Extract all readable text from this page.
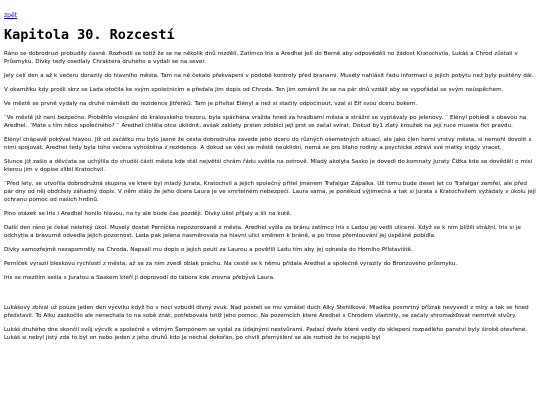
zpět
Kapitola 30. Rozcestí

Ráno se dobrodruzi probudily časně. Rozhodli se totiž že se ne několik dnů rozdělí. Zatímco Iris a Aredhel jeli do Berně aby odpověděli no žádost Kratochvila, Lukáš a Chrod zůstali v Průsmyku. Dívky tedy osedlaly Chraktera druhého a vydali se na sever.

Jely celí den a až k večeru dorazily do hlavního města. Tam na ně čekalo překvapení v podobě kontroly před branami. Musely nahlásit řadu informací o jejích pobytu než byly puštěny dál.

V okamžiku kdy prošli skrz se Lada otočila ke svým společnicím a předala jim dopis od Chroda. Ten jim oznámil že se na pár dnů vzdálí aby se vypořádal se svým neúspěchem.

Ve městě se prvně vydaly na druhé náměstí do rezidence Jitřenků. Tam je přivítal Elényl a než si stačily odpočinout, vzal si Elf svou dceru bokem.

¨Ve městě již není bezpečno. Proběhlo vloupání do královského trezoru, byla spáchána vražda hned za hradbami města a strážní se vyptávaly po jelenovy. ¨ Elényl pohlédl s obavou na Aredhel. ¨Máte s tím něco společného? ¨ Aredhel chtěla otce uklidnit, avšak zaklety prsten zdobící její prst se začal svírat. Dokud by1 zlatý kroužek na její ruce musela říct pravdu.

Elényl chápavě pokýval hlavou. Již od začátku mu bylo jasné že cesta dobrodruha zavede jeho dceru do různých ošemetných situací, ale jako člen horní vrstvy města, si nemohl dovolit s nimi spojovat. Aredhel tedy byla toho večera vyhoštěna z rezidence. A dokud se věci ve městě neuklidní, nemá se pro blaho rodiny a psychické zdraví své matky ingdy vracet.

Slunce již zašlo a děvčata se uchýlila do chudší části města kde stál největší chrám řádu světla na ostrově. Mladý akolyta Sasko je dovedl do komnaty Juraty Čížka kde se dověděli o misi kterou jim v dopise slibil Kratochvil.

¨Před lety, se utvořila dobrodružná skupina ve které byl mladý Jurata, Kratochvil a jejich společný přítel jménem Trafalgar Zápalka. Už tomu bude deset let co Trafalgar zemřel, ale před pár dny od něj obdržely záhadný dopis. V něm stálo že jeho dcera Laura je ve smrtelném nebezpečí. Laura sama, je poněkud výjimečná a tak si Jurata s Kratochvílem vyžádaly v úkolu její ochranu pomoc od našich hrdinů.

Pino otázek se Iris i Aredhel honilo hlavou, na ty ale bude čas později. Dívky úkol přijaly a šli na kutě.

Další den ráno je čekal nelehký úkol. Musely dostat Perníčka nepozorovaně z města. Aredhel vyšla za bránu zatímco Iris s Ladou jej vedli ulicemi. Když se k ním blížili strážní, Iris si je odchytla a bravurně odvedla jejich pozornost. Lada pak jelena nasměrovala na hlavní ulici směrem k bráně, a po trose přemlouvání jej úspěšně pobídla.

Dívky samozřejmě nezapomněly na Chroda, Napsali mu dopis o jejich pouti za Laurou a pověřili Ladu tím aby jej odnesla do Horního Přístaviště.

Perníček vyrazil bleskovu rychlostí z města, až se za ním zvedl oblak prachu. Na cestě se k němu přidala Aredhel a společně vyrazily do Bronzového průsmyku.

Iris se mezitím sešla s Juratou a Saskem kteří ji doprovodí do tábora kde zrovna přebývá Laura.

Lukášovy zbíval už pouze jeden den výcviku když ho v noci vzbudil divný zvuk. Nad postelí se mu vznášel duch Alky Stehlíkové. Mladika posmrtný přízrak nevyvedl z míry a tak se hned představil. To Alku zaskočilo ale nenechala to na sobě znát, potřebovala totiž jeho pomoc. Na pozemcích které Aredhel s Chrodem vlastnily, se začaly shromažďovat nemrtvé stvůry.

Lukáš druhého dne skončil svůj výcvik a společně s věrným Šampónem se vydal za údajnými nestvůrami. Padací dveře které vedly do sklepení rozpadlého panství byly širokě otevřené. Lukáš si nebyl jistý zda to byl on nebo jeden z jeho druhů kdo je nechal dokořán, po chvíli přemýšlení se ale rozhod že to nejspíš byl
